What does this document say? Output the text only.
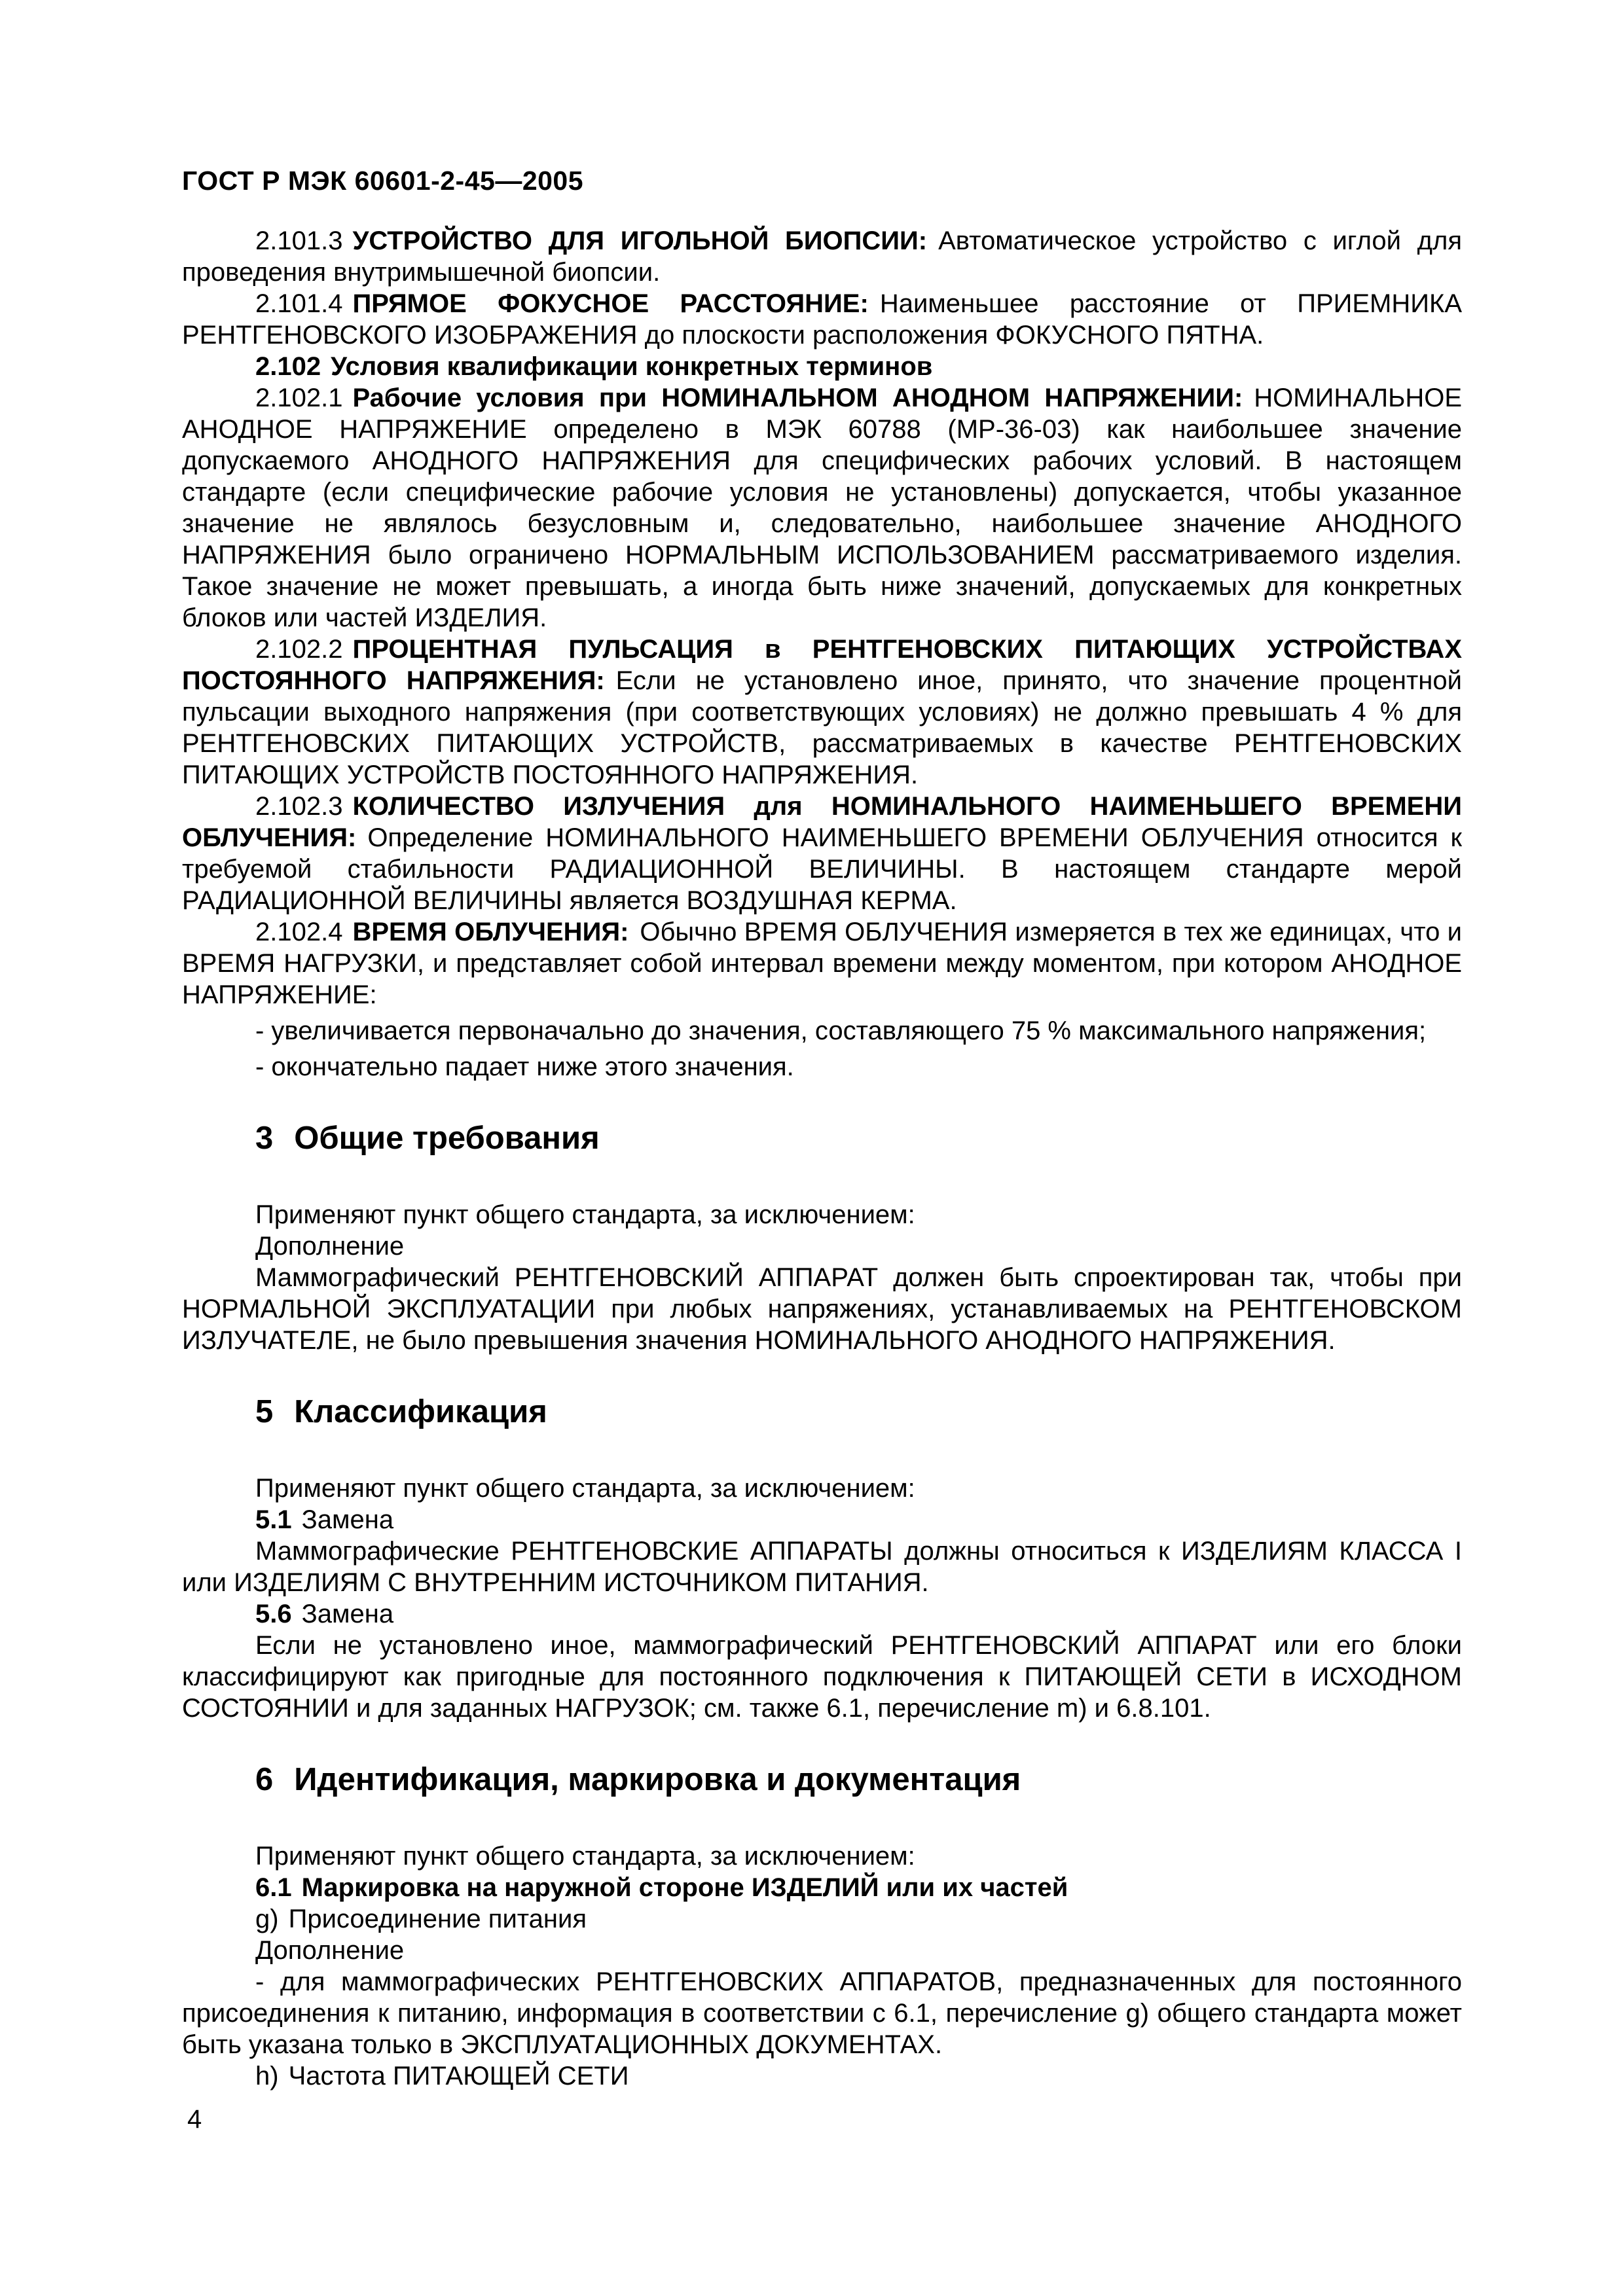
ГОСТ Р МЭК 60601-2-45—2005

2.101.3 УСТРОЙСТВО ДЛЯ ИГОЛЬНОЙ БИОПСИИ: Автоматическое устройство с иглой для проведения внутримышечной биопсии.

2.101.4 ПРЯМОЕ ФОКУСНОЕ РАССТОЯНИЕ: Наименьшее расстояние от ПРИЕМНИКА РЕНТГЕНОВСКОГО ИЗОБРАЖЕНИЯ до плоскости расположения ФОКУСНОГО ПЯТНА.

2.102 Условия квалификации конкретных терминов

2.102.1 Рабочие условия при НОМИНАЛЬНОМ АНОДНОМ НАПРЯЖЕНИИ: НОМИНАЛЬНОЕ АНОДНОЕ НАПРЯЖЕНИЕ определено в МЭК 60788 (МР-36-03) как наибольшее значение допускаемого АНОДНОГО НАПРЯЖЕНИЯ для специфических рабочих условий. В настоящем стандарте (если специфические рабочие условия не установлены) допускается, чтобы указанное значение не являлось безусловным и, следовательно, наибольшее значение АНОДНОГО НАПРЯЖЕНИЯ было ограничено НОРМАЛЬНЫМ ИСПОЛЬЗОВАНИЕМ рассматриваемого изделия. Такое значение не может превышать, а иногда быть ниже значений, допускаемых для конкретных блоков или частей ИЗДЕЛИЯ.

2.102.2 ПРОЦЕНТНАЯ ПУЛЬСАЦИЯ в РЕНТГЕНОВСКИХ ПИТАЮЩИХ УСТРОЙСТВАХ ПОСТОЯННОГО НАПРЯЖЕНИЯ: Если не установлено иное, принято, что значение процентной пульсации выходного напряжения (при соответствующих условиях) не должно превышать 4 % для РЕНТГЕНОВСКИХ ПИТАЮЩИХ УСТРОЙСТВ, рассматриваемых в качестве РЕНТГЕНОВСКИХ ПИТАЮЩИХ УСТРОЙСТВ ПОСТОЯННОГО НАПРЯЖЕНИЯ.

2.102.3 КОЛИЧЕСТВО ИЗЛУЧЕНИЯ для НОМИНАЛЬНОГО НАИМЕНЬШЕГО ВРЕМЕНИ ОБЛУЧЕНИЯ: Определение НОМИНАЛЬНОГО НАИМЕНЬШЕГО ВРЕМЕНИ ОБЛУЧЕНИЯ относится к требуемой стабильности РАДИАЦИОННОЙ ВЕЛИЧИНЫ. В настоящем стандарте мерой РАДИАЦИОННОЙ ВЕЛИЧИНЫ является ВОЗДУШНАЯ КЕРМА.

2.102.4 ВРЕМЯ ОБЛУЧЕНИЯ: Обычно ВРЕМЯ ОБЛУЧЕНИЯ измеряется в тех же единицах, что и ВРЕМЯ НАГРУЗКИ, и представляет собой интервал времени между моментом, при котором АНОДНОЕ НАПРЯЖЕНИЕ:

- увеличивается первоначально до значения, составляющего 75 % максимального напряжения;

- окончательно падает ниже этого значения.

3 Общие требования

Применяют пункт общего стандарта, за исключением:

Дополнение

Маммографический РЕНТГЕНОВСКИЙ АППАРАТ должен быть спроектирован так, чтобы при НОРМАЛЬНОЙ ЭКСПЛУАТАЦИИ при любых напряжениях, устанавливаемых на РЕНТГЕНОВСКОМ ИЗЛУЧАТЕЛЕ, не было превышения значения НОМИНАЛЬНОГО АНОДНОГО НАПРЯЖЕНИЯ.

5 Классификация

Применяют пункт общего стандарта, за исключением:

5.1 Замена

Маммографические РЕНТГЕНОВСКИЕ АППАРАТЫ должны относиться к ИЗДЕЛИЯМ КЛАССА I или ИЗДЕЛИЯМ С ВНУТРЕННИМ ИСТОЧНИКОМ ПИТАНИЯ.

5.6 Замена

Если не установлено иное, маммографический РЕНТГЕНОВСКИЙ АППАРАТ или его блоки классифицируют как пригодные для постоянного подключения к ПИТАЮЩЕЙ СЕТИ в ИСХОДНОМ СОСТОЯНИИ и для заданных НАГРУЗОК; см. также 6.1, перечисление m) и 6.8.101.

6 Идентификация, маркировка и документация

Применяют пункт общего стандарта, за исключением:

6.1 Маркировка на наружной стороне ИЗДЕЛИЙ или их частей

g) Присоединение питания

Дополнение

- для маммографических РЕНТГЕНОВСКИХ АППАРАТОВ, предназначенных для постоянного присоединения к питанию, информация в соответствии с 6.1, перечисление g) общего стандарта может быть указана только в ЭКСПЛУАТАЦИОННЫХ ДОКУМЕНТАХ.

h) Частота ПИТАЮЩЕЙ СЕТИ

4
